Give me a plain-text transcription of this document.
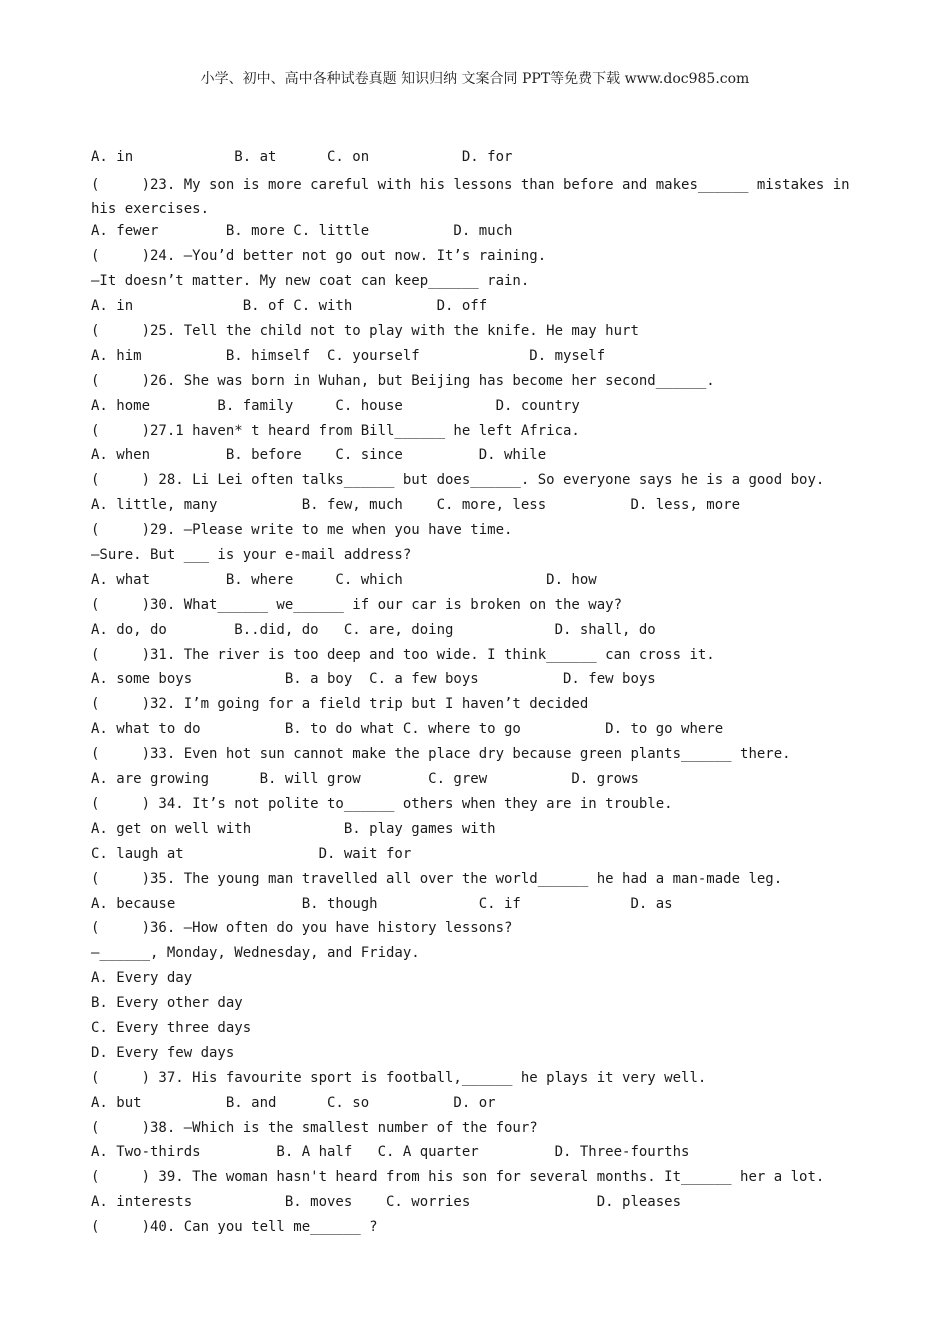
小学、初中、高中各种试卷真题 知识归纳 文案合同 PPT等免费下载 www.doc985.com
A. in            B. at      C. on           D. for
(     )23. My son is more careful with his lessons than before and makes______ mistakes in his exercises.
A. fewer        B. more C. little          D. much
(     )24. —You’d better not go out now. It’s raining.
—It doesn’t matter. My new coat can keep______ rain.
A. in             B. of C. with          D. off
(     )25. Tell the child not to play with the knife. He may hurt
A. him          B. himself  C. yourself             D. myself
(     )26. She was born in Wuhan, but Beijing has become her second______.
A. home        B. family     C. house           D. country
(     )27.1 haven* t heard from Bill______ he left Africa.
A. when         B. before    C. since         D. while
(     ) 28. Li Lei often talks______ but does______. So everyone says he is a good boy.
A. little, many          B. few, much    C. more, less          D. less, more
(     )29. —Please write to me when you have time.
—Sure. But ___ is your e-mail address?
A. what         B. where     C. which                 D. how
(     )30. What______ we______ if our car is broken on the way?
A. do, do        B..did, do   C. are, doing            D. shall, do
(     )31. The river is too deep and too wide. I think______ can cross it.
A. some boys           B. a boy  C. a few boys          D. few boys
(     )32. I’m going for a field trip but I haven’t decided
A. what to do          B. to do what C. where to go          D. to go where
(     )33. Even hot sun cannot make the place dry because green plants______ there.
A. are growing      B. will grow        C. grew          D. grows
(     ) 34. It’s not polite to______ others when they are in trouble.
A. get on well with           B. play games with
C. laugh at                D. wait for
(     )35. The young man travelled all over the world______ he had a man-made leg.
A. because               B. though            C. if             D. as
(     )36. —How often do you have history lessons?
—______, Monday, Wednesday, and Friday.
A. Every day
B. Every other day
C. Every three days
D. Every few days
(     ) 37. His favourite sport is football,______ he plays it very well.
A. but          B. and      C. so          D. or
(     )38. —Which is the smallest number of the four?
A. Two-thirds         B. A half   C. A quarter         D. Three-fourths
(     ) 39. The woman hasn't heard from his son for several months. It______ her a lot.
A. interests           B. moves    C. worries               D. pleases
(     )40. Can you tell me______ ?
